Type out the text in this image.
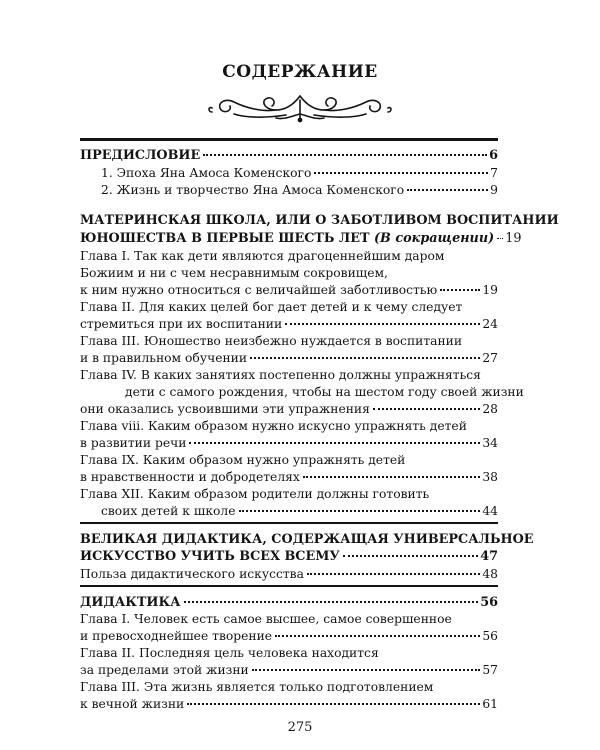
СОДЕРЖАНИЕ
ПРЕДИСЛОВИЕ	6
1. Эпоха Яна Амоса Коменского	7
2. Жизнь и творчество Яна Амоса Коменского	9
МАТЕРИНСКАЯ ШКОЛА, ИЛИ О ЗАБОТЛИВОМ ВОСПИТАНИИ
ЮНОШЕСТВА В ПЕРВЫЕ ШЕСТЬ ЛЕТ
(В сокращении) 19
Глава I. Так как дети являются драгоценнейшим даром
Божиим и ни с чем несравнимым сокровищем,
к ним нужно относиться с величайшей заботливостью	19
Глава II. Для каких целей бог дает детей и к чему следует
стремиться при их воспитании	24
Глава III. Юношество неизбежно нуждается в воспитании
и в правильном обучении	27
Глава IV. В каких занятиях постепенно должны упражняться
дети с самого рождения, чтобы на шестом году своей жизни
они оказались усвоившими эти упражнения	28
Глава viii. Каким образом нужно искусно упражнять детей
в развитии речи	34
Глава IX. Каким образом нужно упражнять детей
в нравственности и добродетелях	38
Глава XII. Каким образом родители должны готовить
своих детей к школе	44
ВЕЛИКАЯ ДИДАКТИКА, СОДЕРЖАЩАЯ УНИВЕРСАЛЬНОЕ
ИСКУССТВО УЧИТЬ ВСЕХ ВСЕМУ	47
Польза дидактического искусства	48
ДИДАКТИКА	56
Глава I. Человек есть самое высшее, самое совершенное
и превосходнейшее творение	56
Глава II. Последняя цель человека находится
за пределами этой жизни	57
Глава III. Эта жизнь является только подготовлением
к вечной жизни	61
275
